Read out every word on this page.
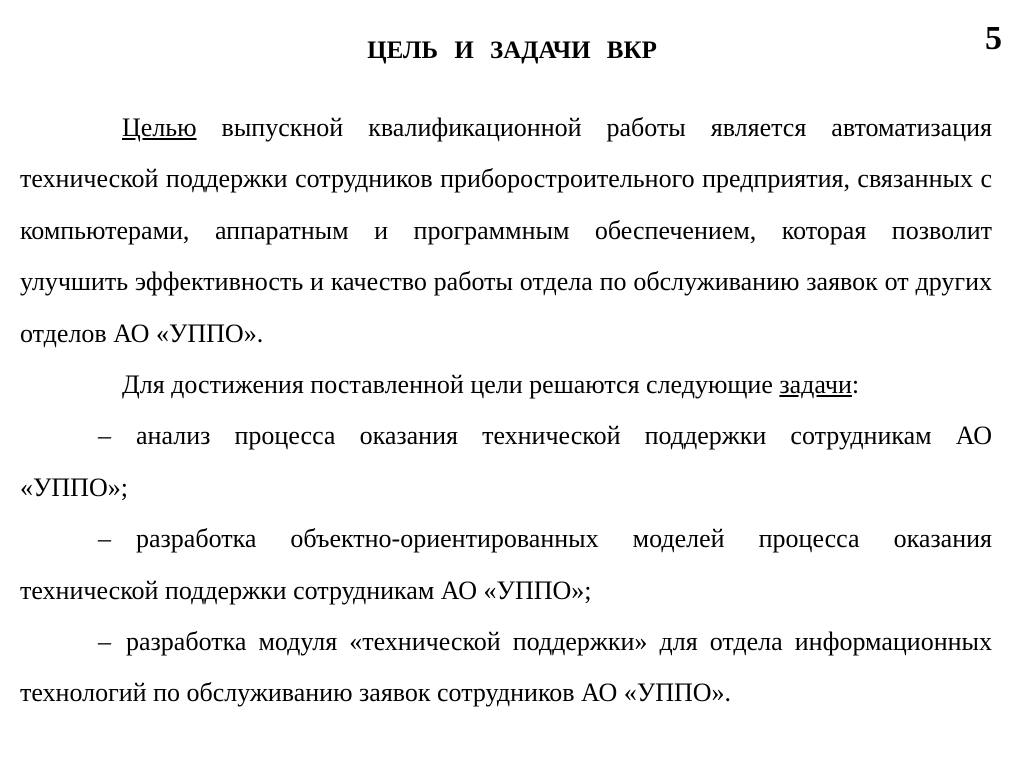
5
ЦЕЛЬ И ЗАДАЧИ ВКР

Целью выпускной квалификационной работы является автоматизация технической поддержки сотрудников приборостроительного предприятия, связанных с компьютерами, аппаратным и программным обеспечением, которая позволит улучшить эффективность и качество работы отдела по обслуживанию заявок от других отделов АО «УППО».

Для достижения поставленной цели решаются следующие задачи:

– анализ процесса оказания технической поддержки сотрудникам АО «УППО»;

– разработка объектно-ориентированных моделей процесса оказания технической поддержки сотрудникам АО «УППО»;

– разработка модуля «технической поддержки» для отдела информационных технологий по обслуживанию заявок сотрудников АО «УППО».
